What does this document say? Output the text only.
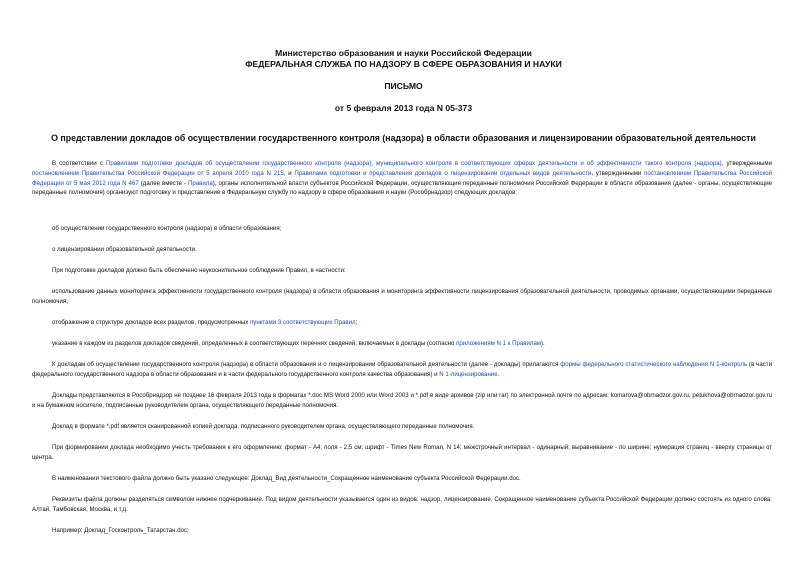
Министерство образования и науки Российской Федерации
ФЕДЕРАЛЬНАЯ СЛУЖБА ПО НАДЗОРУ В СФЕРЕ ОБРАЗОВАНИЯ И НАУКИ
ПИСЬМО
от 5 февраля 2013 года N 05-373
О представлении докладов об осуществлении государственного контроля (надзора) в области образования и лицензировании образовательной деятельности
В соответствии с Правилами подготовки докладов об осуществлении государственного контроля (надзора), муниципального контроля в соответствующих сферах деятельности и об эффективности такого контроля (надзора), утвержденными постановлением Правительства Российской Федерации от 5 апреля 2010 года N 215, и Правилами подготовки и представления докладов о лицензировании отдельных видов деятельности, утвержденными постановлением Правительства Российской Федерации от 5 мая 2012 года N 467 (далее вместе - Правила), органы исполнительной власти субъектов Российской Федерации, осуществляющие переданные полномочия Российской Федерации в области образования (далее - органы, осуществляющие переданные полномочия) организуют подготовку и представление в Федеральную службу по надзору в сфере образования и науки (Рособрнадзор) следующих докладов:
об осуществлении государственного контроля (надзора) в области образования;
о лицензировании образовательной деятельности.
При подготовке докладов должно быть обеспечено неукоснительное соблюдение Правил, в частности:
использование данных мониторинга эффективности государственного контроля (надзора) в области образования и мониторинга эффективности лицензирования образовательной деятельности, проводимых органами, осуществляющими переданные полномочия;
отображение в структуре докладов всех разделов, предусмотренных пунктами 3 соответствующих Правил;
указание в каждом из разделов докладов сведений, определенных в соответствующих перечнях сведений, включаемых в доклады (согласно приложениям N 1 к Правилам).
К докладам об осуществлении государственного контроля (надзора) в области образования и о лицензировании образовательной деятельности (далее - доклады) прилагаются формы федерального статистического наблюдения N 1-контроль (в части федерального государственного надзора в области образования и в части федерального государственного контроля качества образования) и N 1-лицензирование.
Доклады представляются в Рособрнадзор не позднее 16 февраля 2013 года в форматах *.doc MS Word 2000 или Word 2003 и *.pdf в виде архивов (zip или rar) по электронной почте по адресам: komarova@obrnadzor.gov.ru, petukhova@obrnadzor.gov.ru и на бумажном носителе, подписанные руководителем органа, осуществляющего переданные полномочия.
Доклад в формате *.pdf является сканированной копией доклада, подписанного руководителем органа, осуществляющего переданные полномочия.
При формировании доклада необходимо учесть требования к его оформлению: формат - А4; поля - 2,5 см; шрифт - Times New Roman, N 14; межстрочный интервал - одинарный; выравнивание - по ширине; нумерация страниц - вверху страницы от центра.
В наименовании текстового файла должно быть указано следующее: Доклад_Вид деятельности_Сокращенное наименование субъекта Российской Федерации.doc.
Реквизиты файла должны разделяться символом нижнее подчеркивание. Под видом деятельности указывается один из видов: надзор, лицензирование. Сокращенное наименование субъекта Российской Федерации должно состоять из одного слова: Алтай, Тамбовская, Москва, и т.д.
Например: Доклад_Госконтроль_Татарстан.doc;
